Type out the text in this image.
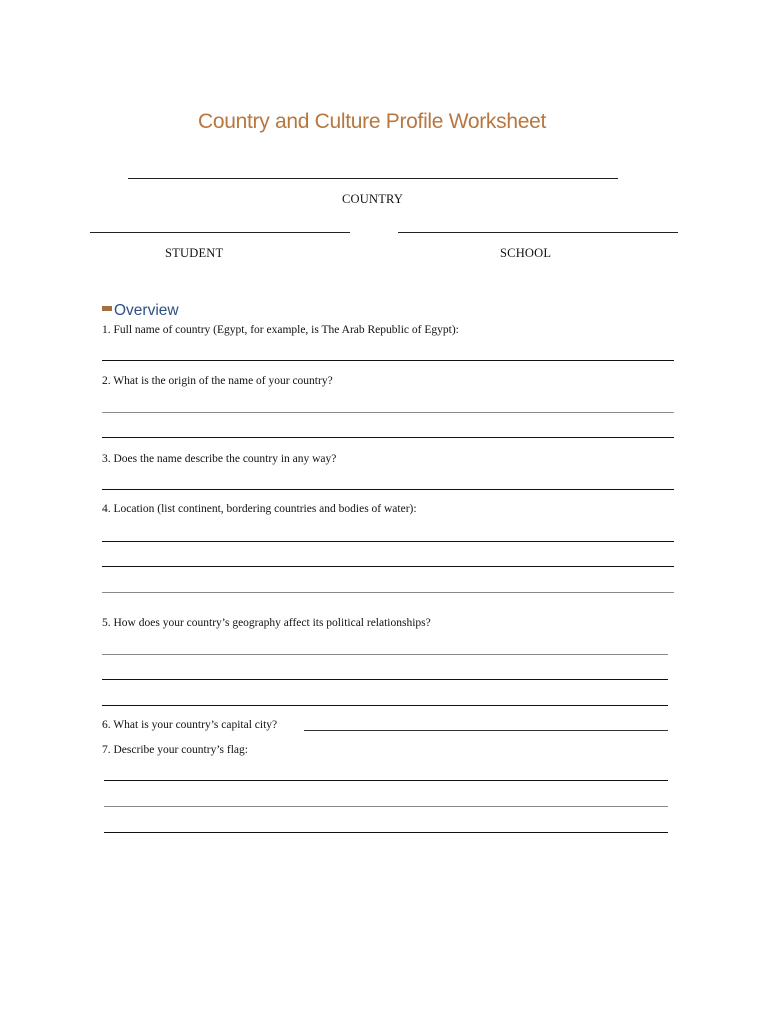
Country and Culture Profile Worksheet
COUNTRY
STUDENT	SCHOOL
Overview
1. Full name of country (Egypt, for example, is The Arab Republic of Egypt):
2. What is the origin of the name of your country?
3. Does the name describe the country in any way?
4. Location (list continent, bordering countries and bodies of water):
5. How does your country’s geography affect its political relationships?
6. What is your country’s capital city?
7. Describe your country’s flag:
